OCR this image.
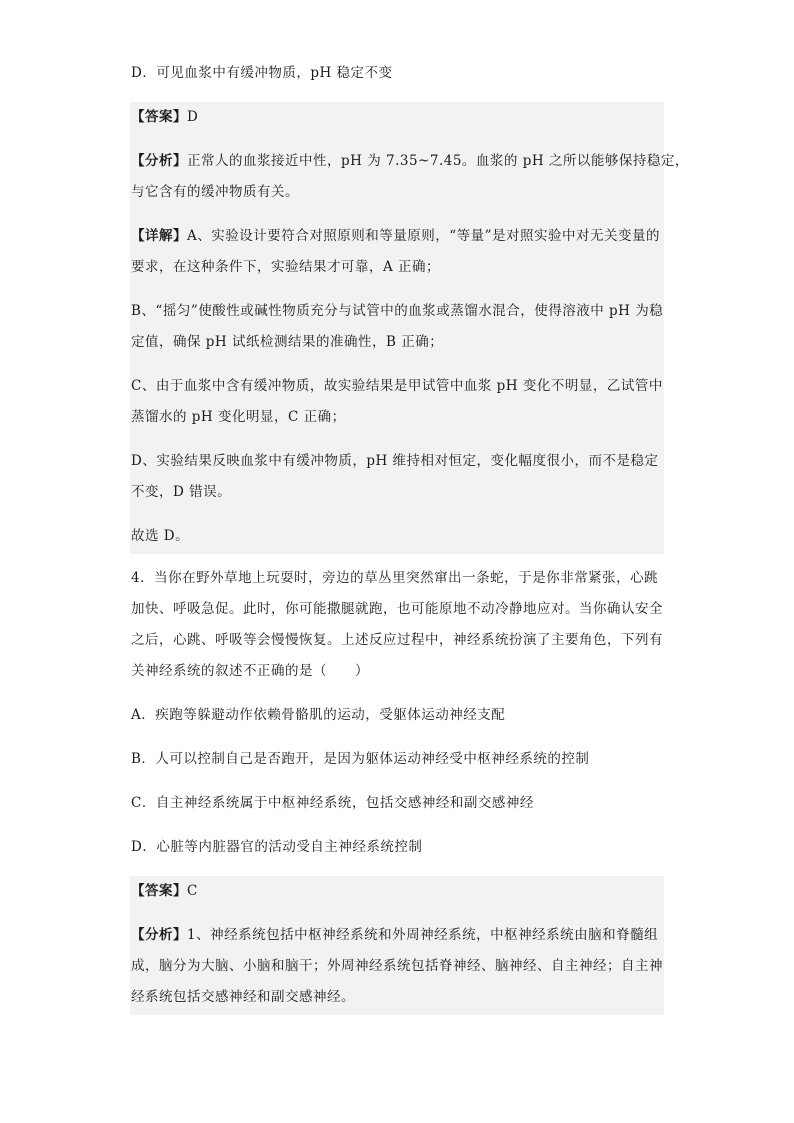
D．可见血浆中有缓冲物质，pH 稳定不变
【答案】D
【分析】正常人的血浆接近中性，pH 为 7.35~7.45。血浆的 pH 之所以能够保持稳定，
与它含有的缓冲物质有关。
【详解】A、实验设计要符合对照原则和等量原则，“等量”是对照实验中对无关变量的
要求，在这种条件下，实验结果才可靠，A 正确；
B、“摇匀”使酸性或碱性物质充分与试管中的血浆或蒸馏水混合，使得溶液中 pH 为稳
定值，确保 pH 试纸检测结果的准确性，B 正确；
C、由于血浆中含有缓冲物质，故实验结果是甲试管中血浆 pH 变化不明显，乙试管中
蒸馏水的 pH 变化明显，C 正确；
D、实验结果反映血浆中有缓冲物质，pH 维持相对恒定，变化幅度很小，而不是稳定
不变，D 错误。
故选 D。
4．当你在野外草地上玩耍时，旁边的草丛里突然窜出一条蛇，于是你非常紧张，心跳
加快、呼吸急促。此时，你可能撒腿就跑，也可能原地不动冷静地应对。当你确认安全
之后，心跳、呼吸等会慢慢恢复。上述反应过程中，神经系统扮演了主要角色，下列有
关神经系统的叙述不正确的是（　　）
A．疾跑等躲避动作依赖骨骼肌的运动，受躯体运动神经支配
B．人可以控制自己是否跑开，是因为躯体运动神经受中枢神经系统的控制
C．自主神经系统属于中枢神经系统，包括交感神经和副交感神经
D．心脏等内脏器官的活动受自主神经系统控制
【答案】C
【分析】1、神经系统包括中枢神经系统和外周神经系统，中枢神经系统由脑和脊髓组
成，脑分为大脑、小脑和脑干；外周神经系统包括脊神经、脑神经、自主神经；自主神
经系统包括交感神经和副交感神经。
